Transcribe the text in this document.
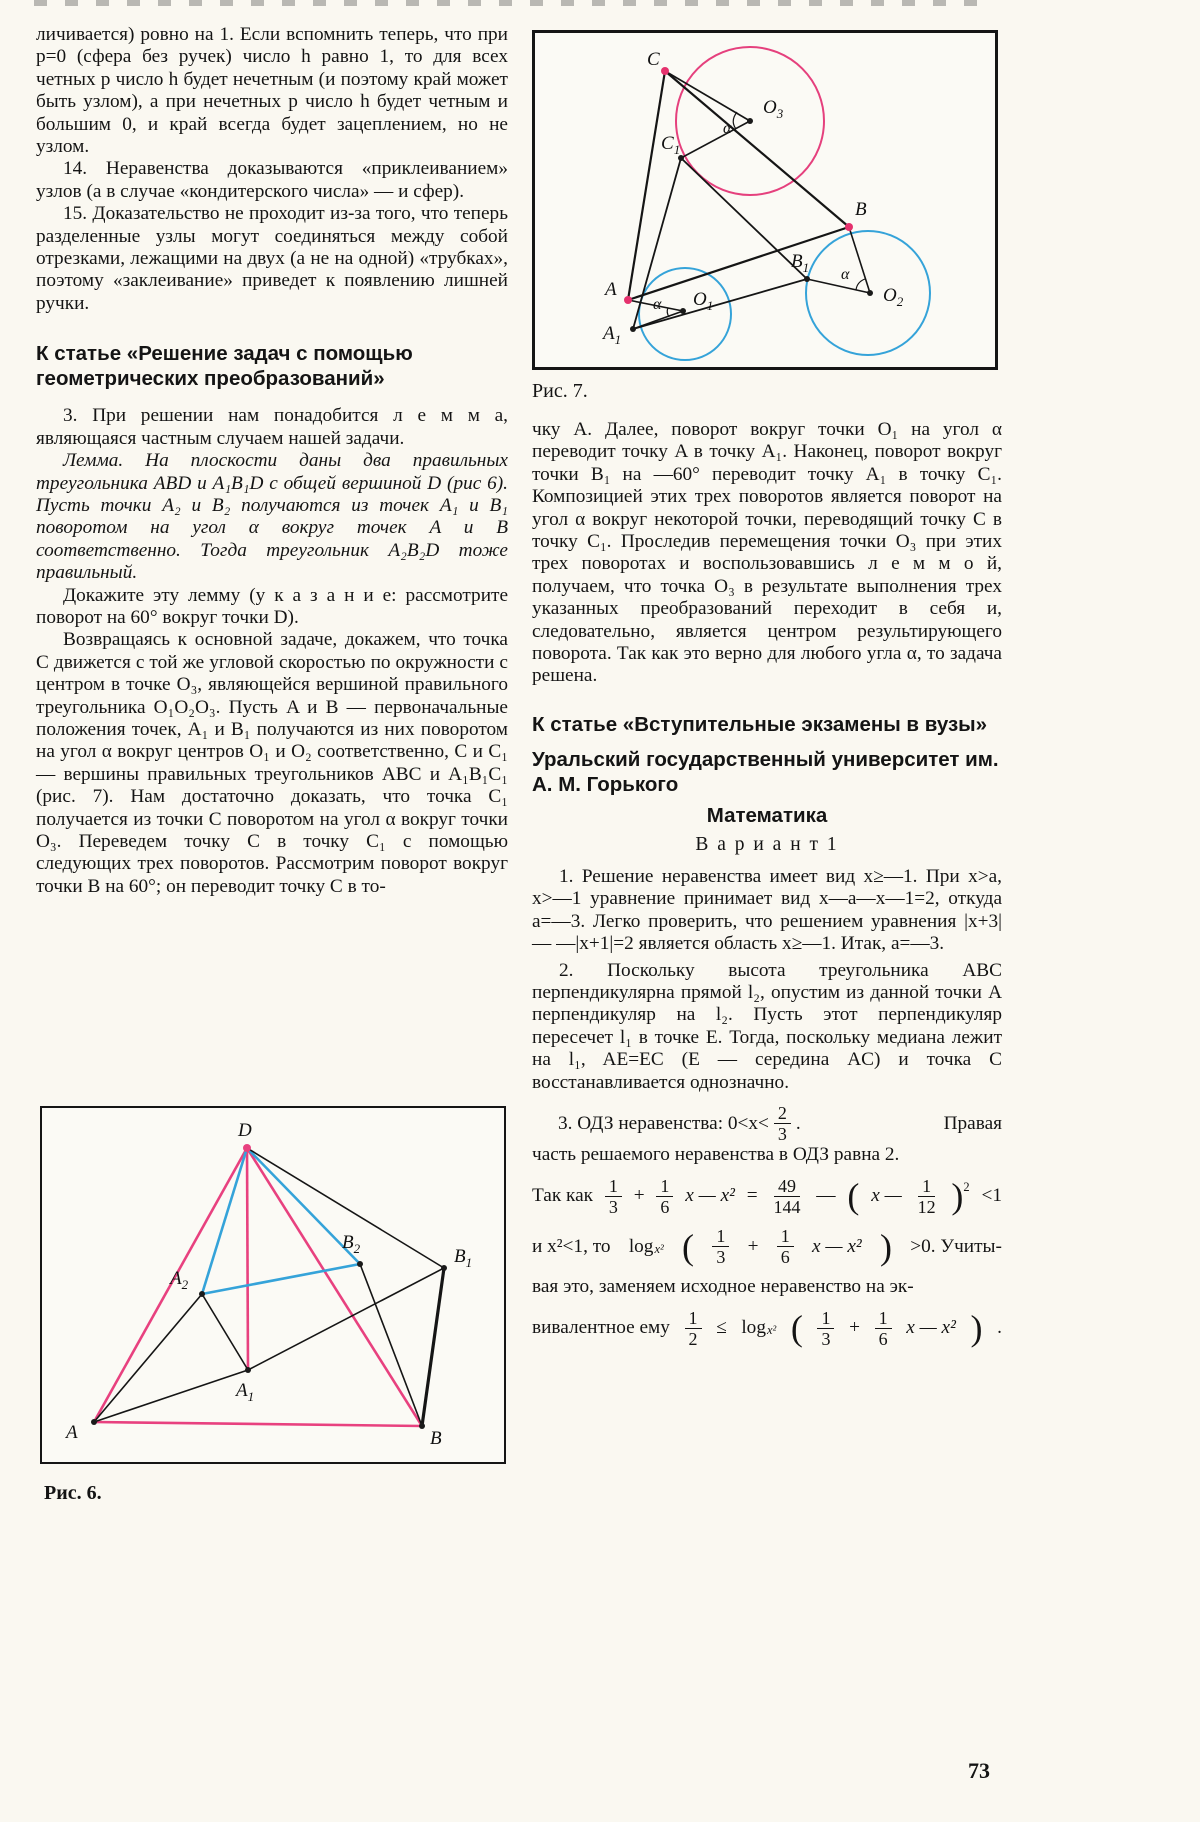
личивается) ровно на 1. Если вспомнить теперь, что при p=0 (сфера без ручек) число h равно 1, то для всех четных p число h будет нечетным (и поэтому край может быть узлом), а при нечетных p число h будет четным и большим 0, и край всегда будет зацеплением, но не узлом.

14. Неравенства доказываются «приклеиванием» узлов (а в случае «кондитерского числа» — и сфер).

15. Доказательство не проходит из-за того, что теперь разделенные узлы могут соединяться между собой отрезками, лежащими на двух (а не на одной) «трубках», поэтому «заклеивание» приведет к появлению лишней ручки.

К статье «Решение задач с помощью геометрических преобразований»

3. При решении нам понадобится л е м м а, являющаяся частным случаем нашей задачи.

Лемма. На плоскости даны два правильных треугольника ABD и A₁B₁D с общей вершиной D (рис 6). Пусть точки A₂ и B₂ получаются из точек A₁ и B₁ поворотом на угол α вокруг точек A и B соответственно. Тогда треугольник A₂B₂D тоже правильный.

Докажите эту лемму (у к а з а н и е: рассмотрите поворот на 60° вокруг точки D).

Возвращаясь к основной задаче, докажем, что точка C движется с той же угловой скоростью по окружности с центром в точке O₃, являющейся вершиной правильного треугольника O₁O₂O₃. Пусть A и B — первоначальные положения точек, A₁ и B₁ получаются из них поворотом на угол α вокруг центров O₁ и O₂ соответственно, C и C₁ — вершины правильных треугольников ABC и A₁B₁C₁ (рис. 7). Нам достаточно доказать, что точка C₁ получается из точки C поворотом на угол α вокруг точки O₃. Переведем точку C в точку C₁ с помощью следующих трех поворотов. Рассмотрим поворот вокруг точки B на 60°; он переводит точку C в то-

D
$A_2$
$B_2$	$B_1$
$A_1$
A	B
Рис. 6.
C
$O_3$
$C_1$
B
$B_1$
A	$O_1$
$A_1$
$O_2$
α
α
α
Рис. 7.

чку A. Далее, поворот вокруг точки O₁ на угол α переводит точку A в точку A₁. Наконец, поворот вокруг точки B₁ на —60° переводит точку A₁ в точку C₁. Композицией этих трех поворотов является поворот на угол α вокруг некоторой точки, переводящий точку C в точку C₁. Проследив перемещения точки O₃ при этих трех поворотах и воспользовавшись л е м м о й, получаем, что точка O₃ в результате выполнения трех указанных преобразований переходит в себя и, следовательно, является центром результирующего поворота. Так как это верно для любого угла α, то задача решена.

К статье «Вступительные экзамены в вузы»
Уральский государственный университет им. А. М. Горького
Математика
В а р и а н т 1

1. Решение неравенства имеет вид x≥—1. При x>a, x>—1 уравнение принимает вид x—a—x—1=2, откуда a=—3. Легко проверить, что решением уравнения |x+3|— —|x+1|=2 является область x≥—1. Итак, a=—3.

2. Поскольку высота треугольника ABC перпендикулярна прямой l₂, опустим из данной точки A перпендикуляр на l₂. Пусть этот перпендикуляр пересечет l₁ в точке E. Тогда, поскольку медиана лежит на l₁, AE=EC (E — середина AC) и точка C восстанавливается однозначно.

3. ОДЗ неравенства: $0<x< \frac{2}{3}$ .	Правая

часть решаемого неравенства в ОДЗ равна 2.

Так как $\frac{1}{3} + \frac{1}{6}$ x — $x^2 = \frac{49}{144}$ — ( x — $\frac{1}{12} )^2 <1$
и x²<1, то log x² ( $\frac{1}{3} + \frac{1}{6}$ x — x² ) >0. Учиты-

вая это, заменяем исходное неравенство на эк-

вивалентное ему $\frac{1}{2} \le \log x^2$ ( $\frac{1}{3} + \frac{1}{6}$ x — x² ) .
73
